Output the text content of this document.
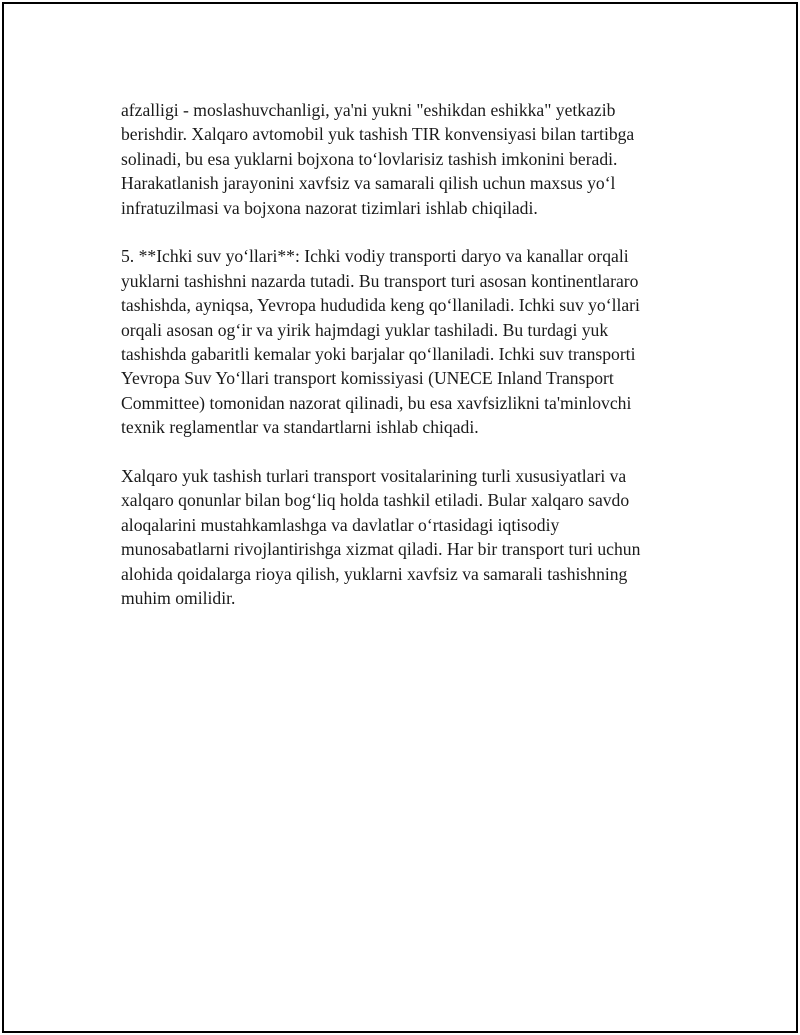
afzalligi - moslashuvchanligi, ya'ni yukni "eshikdan eshikka" yetkazib
berishdir. Xalqaro avtomobil yuk tashish TIR konvensiyasi bilan tartibga
solinadi, bu esa yuklarni bojxona to‘lovlarisiz tashish imkonini beradi.
Harakatlanish jarayonini xavfsiz va samarali qilish uchun maxsus yo‘l
infratuzilmasi va bojxona nazorat tizimlari ishlab chiqiladi.

5. **Ichki suv yo‘llari**: Ichki vodiy transporti daryo va kanallar orqali
yuklarni tashishni nazarda tutadi. Bu transport turi asosan kontinentlararo
tashishda, ayniqsa, Yevropa hududida keng qo‘llaniladi. Ichki suv yo‘llari
orqali asosan og‘ir va yirik hajmdagi yuklar tashiladi. Bu turdagi yuk
tashishda gabaritli kemalar yoki barjalar qo‘llaniladi. Ichki suv transporti
Yevropa Suv Yo‘llari transport komissiyasi (UNECE Inland Transport
Committee) tomonidan nazorat qilinadi, bu esa xavfsizlikni ta'minlovchi
texnik reglamentlar va standartlarni ishlab chiqadi.

Xalqaro yuk tashish turlari transport vositalarining turli xususiyatlari va
xalqaro qonunlar bilan bog‘liq holda tashkil etiladi. Bular xalqaro savdo
aloqalarini mustahkamlashga va davlatlar o‘rtasidagi iqtisodiy
munosabatlarni rivojlantirishga xizmat qiladi. Har bir transport turi uchun
alohida qoidalarga rioya qilish, yuklarni xavfsiz va samarali tashishning
muhim omilidir.
